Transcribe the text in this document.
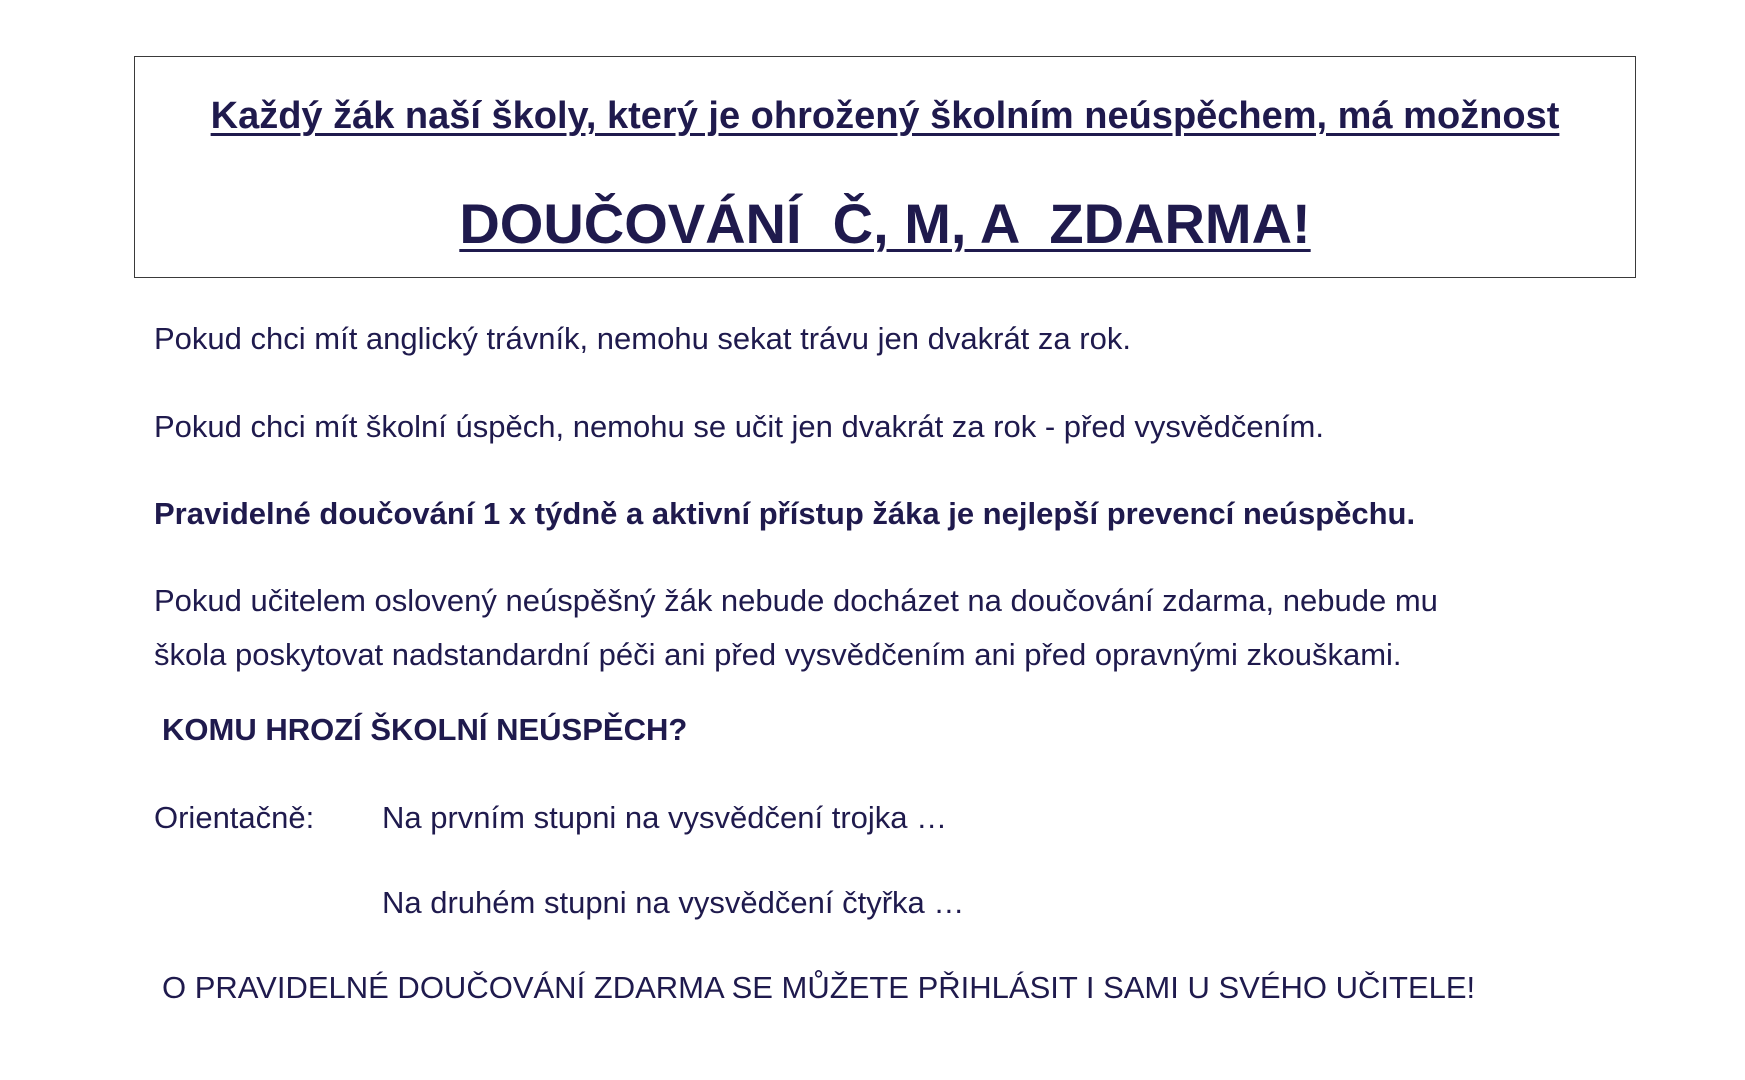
Každý žák naší školy, který je ohrožený školním neúspěchem, má možnost
DOUČOVÁNÍ  Č, M, A  ZDARMA!
Pokud chci mít anglický trávník, nemohu sekat trávu jen dvakrát za rok.
Pokud chci mít školní úspěch, nemohu se učit jen dvakrát za rok - před vysvědčením.
Pravidelné doučování 1 x týdně a aktivní přístup žáka je nejlepší prevencí neúspěchu.
Pokud učitelem oslovený neúspěšný žák nebude docházet na doučování zdarma, nebude mu
škola poskytovat nadstandardní péči ani před vysvědčením ani před opravnými zkouškami.
KOMU HROZÍ ŠKOLNÍ NEÚSPĚCH?
Orientačně: Na prvním stupni na vysvědčení trojka …
Na druhém stupni na vysvědčení čtyřka …
O PRAVIDELNÉ DOUČOVÁNÍ ZDARMA SE MŮŽETE PŘIHLÁSIT I SAMI U SVÉHO UČITELE!
